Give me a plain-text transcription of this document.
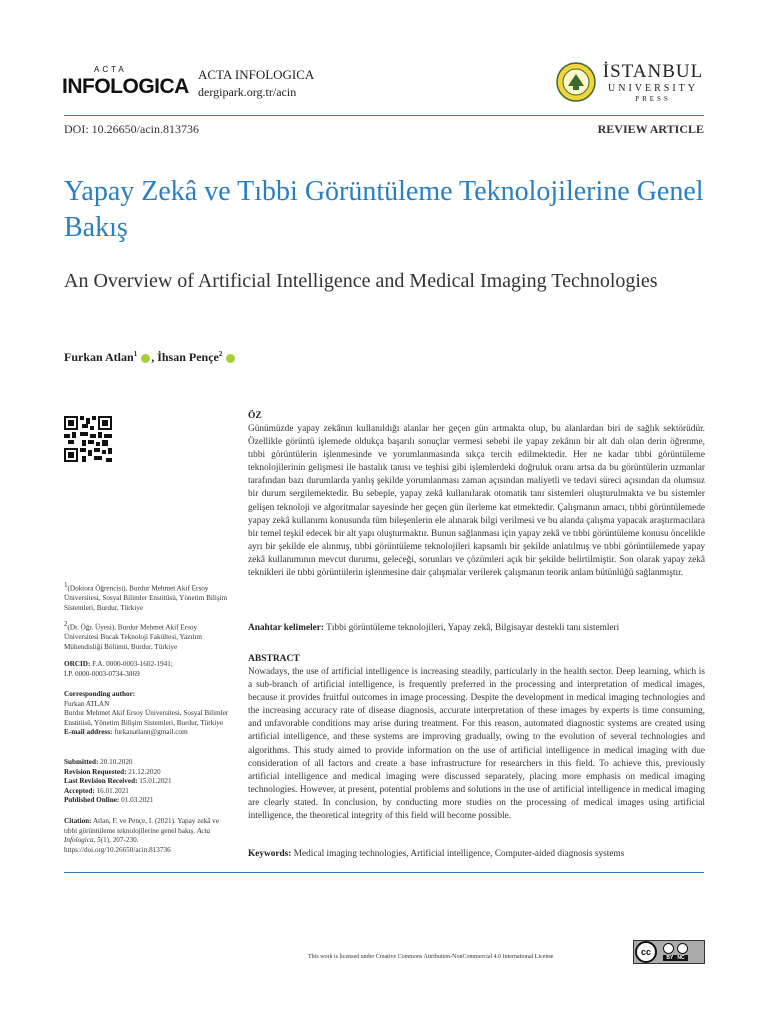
ACTA
INFOLOGICA
ACTA INFOLOGICA
dergipark.org.tr/acin
İSTANBUL
UNIVERSITY
PRESS
DOI: 10.26650/acin.813736	REVIEW ARTICLE
Yapay Zekâ ve Tıbbi Görüntüleme Teknolojilerine Genel Bakış
An Overview of Artificial Intelligence and Medical Imaging Technologies
Furkan Atlan$^1$ , İhsan Pençe$^2$
$^1$(Doktora Öğrencisi), Burdur Mehmet Akif Ersoy Üniversitesi, Sosyal Bilimler Enstitüsü, Yönetim Bilişim Sistemleri, Burdur, Türkiye
$^2$(Dr. Öğr. Üyesi), Burdur Mehmet Akif Ersoy Üniversitesi Bucak Teknoloji Fakültesi, Yazılım Mühendisliği Bölümü, Burdur, Türkiye
ORCID: F.A. 0000-0003-1602-1941;
İ.P. 0000-0003-0734-3869
Corresponding author:
Furkan ATLAN
Burdur Mehmet Akif Ersoy Üniversitesi, Sosyal Bilimler Enstitüsü, Yönetim Bilişim Sistemleri, Burdur, Türkiye
E-mail address: furkanatlann@gmail.com
Submitted: 20.10.2020
Revision Requested: 21.12.2020
Last Revision Received: 15.01.2021
Accepted: 16.01.2021
Published Online: 01.03.2021
Citation: Atlan, F. ve Pençe, I. (2021). Yapay zekâ ve tıbbi görüntüleme teknolojilerine genel bakış. Acta Infologica, 5(1), 207-230. https://doi.org/10.26650/acin.813736
ÖZ
Günümüzde yapay zekânın kullanıldığı alanlar her geçen gün artmakta olup, bu alanlardan biri de sağlık sektörüdür. Özellikle görüntü işlemede oldukça başarılı sonuçlar vermesi sebebi ile yapay zekânın bir alt dalı olan derin öğrenme, tıbbi görüntülerin işlenmesinde ve yorumlanmasında sıkça tercih edilmektedir. Her ne kadar tıbbi görüntüleme teknolojilerinin gelişmesi ile hastalık tanısı ve teşhisi gibi işlemlerdeki doğruluk oranı artsa da bu görüntülerin uzmanlar tarafından bazı durumlarda yanlış şekilde yorumlanması zaman açısından maliyetli ve tedavi süreci açısından da olumsuz bir durum sergilemektedir. Bu sebeple, yapay zekâ kullanılarak otomatik tanı sistemleri oluşturulmakta ve bu sistemler gelişen teknoloji ve algoritmalar sayesinde her geçen gün ilerleme kat etmektedir. Çalışmanın amacı, tıbbi görüntülemede yapay zekâ kullanımı konusunda tüm bileşenlerin ele alınarak bilgi verilmesi ve bu alanda çalışma yapacak araştırmacılara bir temel teşkil edecek bir alt yapı oluşturmaktır. Bunun sağlanması için yapay zekâ ve tıbbi görüntüleme konusu öncelikle ayrı bir şekilde ele alınmış, tıbbi görüntüleme teknolojileri kapsamlı bir şekilde anlatılmış ve tıbbi görüntülemede yapay zekâ kullanımının mevcut durumu, geleceği, sorunları ve çözümleri açık bir şekilde belirtilmiştir. Son olarak yapay zekâ teknikleri ile tıbbi görüntülerin işlenmesine dair çalışmalar verilerek çalışmanın teorik anlam bütünlüğü sağlanmıştır.
Anahtar kelimeler: Tıbbi görüntüleme teknolojileri, Yapay zekâ, Bilgisayar destekli tanı sistemleri
ABSTRACT
Nowadays, the use of artificial intelligence is increasing steadily, particularly in the health sector. Deep learning, which is a sub-branch of artificial intelligence, is frequently preferred in the processing and interpretation of medical images, because it provides fruitful outcomes in image processing. Despite the development in medical imaging technologies and the increasing accuracy rate of disease diagnosis, accurate interpretation of these images by experts is time consuming, and unfavorable conditions may arise during treatment. For this reason, automated diagnostic systems are created using artificial intelligence, and these systems are improving gradually, owing to the evolution of several technologies and algorithms. This study aimed to provide information on the use of artificial intelligence in medical imaging with due consideration of all factors and create a base infrastructure for researchers in this field. To achieve this, previously artificial intelligence and medical imaging were discussed separately, placing more emphasis on medical imaging technologies. However, at present, potential problems and solutions in the use of artificial intelligence in medical imaging are clearly stated. In conclusion, by conducting more studies on the processing of medical images using artificial intelligence, the theoretical integrity of this field will become possible.
Keywords: Medical imaging technologies, Artificial intelligence, Computer-aided diagnosis systems
This work is licensed under Creative Commons Attribution-NonCommercial 4.0 International License	cc
BY NC
